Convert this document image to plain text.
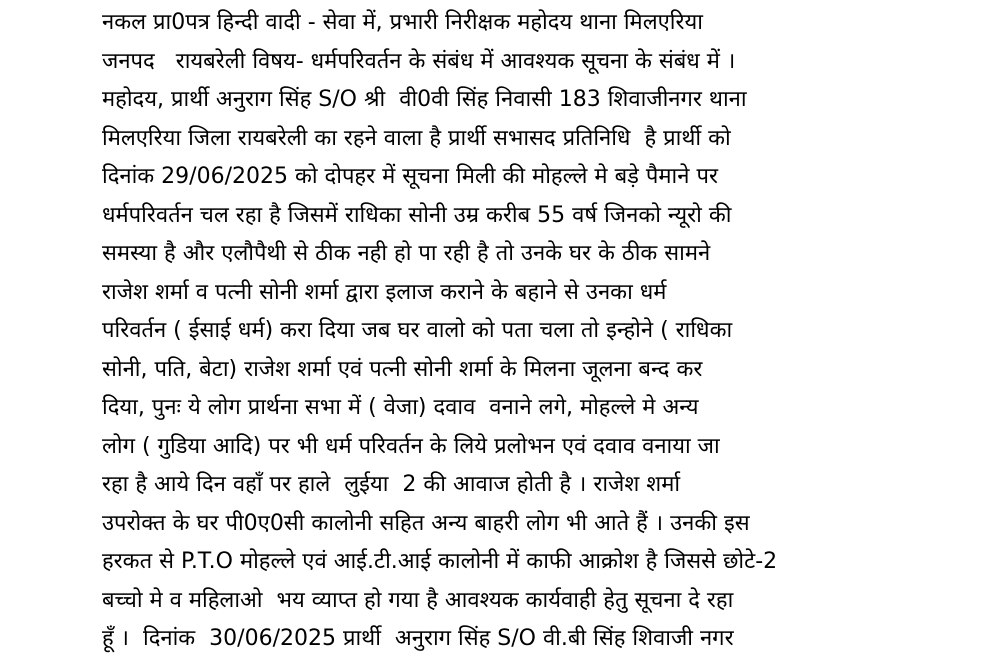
नकल प्रा0पत्र हिन्दी वादी - सेवा में, प्रभारी निरीक्षक महोदय थाना मिलएरिया
जनपद   रायबरेली विषय- धर्मपरिवर्तन के संबंध में आवश्यक सूचना के संबंध में ।
महोदय, प्रार्थी अनुराग सिंह S/O श्री  वी0वी सिंह निवासी 183 शिवाजीनगर थाना
मिलएरिया जिला रायबरेली का रहने वाला है प्रार्थी सभासद प्रतिनिधि  है प्रार्थी को
दिनांक 29/06/2025 को दोपहर में सूचना मिली की मोहल्ले मे बड़े पैमाने पर
धर्मपरिवर्तन चल रहा है जिसमें राधिका सोनी उम्र करीब 55 वर्ष जिनको न्यूरो की
समस्या है और एलौपैथी से ठीक नही हो पा रही है तो उनके घर के ठीक सामने
राजेश शर्मा व पत्नी सोनी शर्मा द्वारा इलाज कराने के बहाने से उनका धर्म
परिवर्तन ( ईसाई धर्म) करा दिया जब घर वालो को पता चला तो इन्होने ( राधिका
सोनी, पति, बेटा) राजेश शर्मा एवं पत्नी सोनी शर्मा के मिलना जूलना बन्द कर
दिया, पुनः ये लोग प्रार्थना सभा में ( वेजा) दवाव  वनाने लगे, मोहल्ले मे अन्य
लोग ( गुडिया आदि) पर भी धर्म परिवर्तन के लिये प्रलोभन एवं दवाव वनाया जा
रहा है आये दिन वहाँ पर हाले  लुईया  2 की आवाज होती है । राजेश शर्मा
उपरोक्त के घर पी0ए0सी कालोनी सहित अन्य बाहरी लोग भी आते हैं । उनकी इस
हरकत से P.T.O मोहल्ले एवं आई.टी.आई कालोनी में काफी आक्रोश है जिससे छोटे-2
बच्चो मे व महिलाओ  भय व्याप्त हो गया है आवश्यक कार्यवाही हेतु सूचना दे रहा
हूँ ।  दिनांक  30/06/2025 प्रार्थी  अनुराग सिंह S/O वी.बी सिंह शिवाजी नगर
